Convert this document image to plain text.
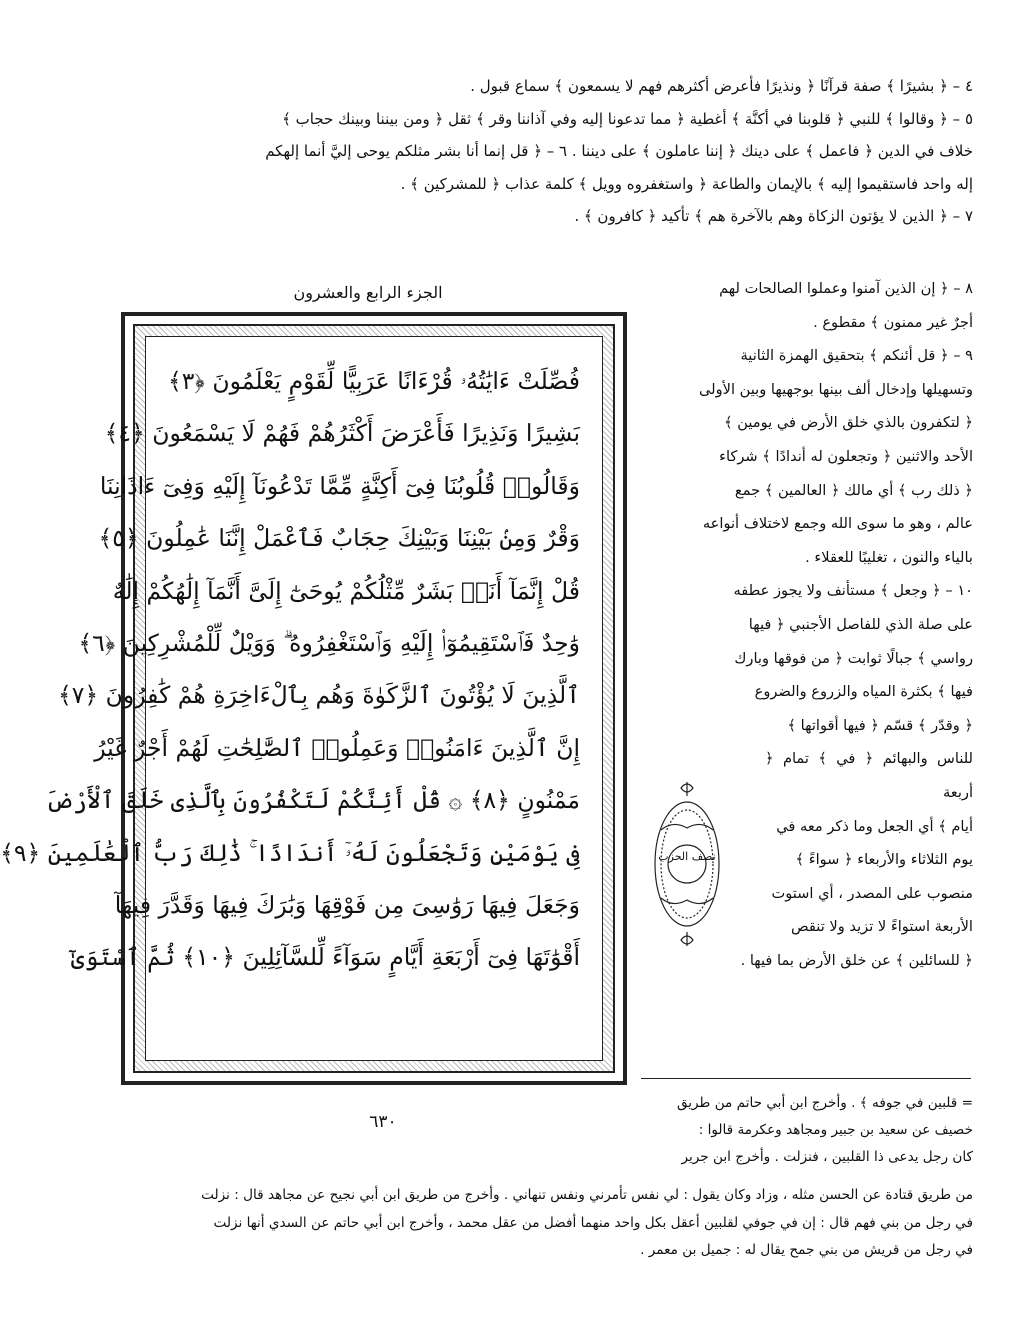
٤ – ﴿ بشيرًا ﴾ صفة قرآنًا ﴿ ونذيرًا فأعرض أكثرهم فهم لا يسمعون ﴾ سماع قبول .

٥ – ﴿ وقالوا ﴾ للنبي ﴿ قلوبنا في أكنَّة ﴾ أغطية ﴿ مما تدعونا إليه وفي آذاننا وقر ﴾ ثقل ﴿ ومن بيننا وبينك حجاب ﴾

خلاف في الدين ﴿ فاعمل ﴾ على دينك ﴿ إننا عاملون ﴾ على ديننا . ٦ – ﴿ قل إنما أنا بشر مثلكم يوحى إليَّ أنما إلهكم

إله واحد فاستقيموا إليه ﴾ بالإيمان والطاعة ﴿ واستغفروه وويل ﴾ كلمة عذاب ﴿ للمشركين ﴾ .

٧ – ﴿ الذين لا يؤتون الزكاة وهم بالآخرة هم ﴾ تأكيد ﴿ كافرون ﴾ .

الجزء الرابع والعشرون
فُصِّلَتْ ءَايَٰتُهُۥ قُرْءَانًا عَرَبِيًّا لِّقَوْمٍ يَعْلَمُونَ ﴿٣﴾
بَشِيرًا وَنَذِيرًا فَأَعْرَضَ أَكْثَرُهُمْ فَهُمْ لَا يَسْمَعُونَ ﴿٤﴾
وَقَالُوا۟ قُلُوبُنَا فِىٓ أَكِنَّةٍ مِّمَّا تَدْعُونَآ إِلَيْهِ وَفِىٓ ءَاذَانِنَا
وَقْرٌ وَمِنۢ بَيْنِنَا وَبَيْنِكَ حِجَابٌ فَٱعْمَلْ إِنَّنَا عَٰمِلُونَ ﴿٥﴾
قُلْ إِنَّمَآ أَنَا۠ بَشَرٌ مِّثْلُكُمْ يُوحَىٰٓ إِلَىَّ أَنَّمَآ إِلَٰهُكُمْ إِلَٰهٌ
وَٰحِدٌ فَٱسْتَقِيمُوٓا۟ إِلَيْهِ وَٱسْتَغْفِرُوهُ ۗ وَوَيْلٌ لِّلْمُشْرِكِينَ ﴿٦﴾
ٱلَّذِينَ لَا يُؤْتُونَ ٱلزَّكَوٰةَ وَهُم بِٱلْءَاخِرَةِ هُمْ كَٰفِرُونَ ﴿٧﴾
إِنَّ ٱلَّذِينَ ءَامَنُوا۟ وَعَمِلُوا۟ ٱلصَّٰلِحَٰتِ لَهُمْ أَجْرٌ غَيْرُ
مَمْنُونٍ ﴿٨﴾ ۞ قُلْ أَئِنَّكُمْ لَتَكْفُرُونَ بِٱلَّذِى خَلَقَ ٱلْأَرْضَ
فِى يَوْمَيْنِ وَتَجْعَلُونَ لَهُۥٓ أَندَادًا ۚ ذَٰلِكَ رَبُّ ٱلْعَٰلَمِينَ ﴿٩﴾
وَجَعَلَ فِيهَا رَوَٰسِىَ مِن فَوْقِهَا وَبَٰرَكَ فِيهَا وَقَدَّرَ فِيهَآ
أَقْوَٰتَهَا فِىٓ أَرْبَعَةِ أَيَّامٍ سَوَآءً لِّلسَّآئِلِينَ ﴿١٠﴾ ثُمَّ ٱسْتَوَىٰٓ
٦٣٠

٨ – ﴿ إن الذين آمنوا وعملوا الصالحات لهم

أجرٌ غير ممنون ﴾ مقطوع .

٩ – ﴿ قل أئنكم ﴾ بتحقيق الهمزة الثانية

وتسهيلها وإدخال ألف بينها بوجهيها وبين الأولى

﴿ لتكفرون بالذي خلق الأرض في يومين ﴾

الأحد والاثنين ﴿ وتجعلون له أندادًا ﴾ شركاء

﴿ ذلك رب ﴾ أي مالك ﴿ العالمين ﴾ جمع

عالم ، وهو ما سوى الله وجمع لاختلاف أنواعه

بالياء والنون ، تغليبًا للعقلاء .

١٠ – ﴿ وجعل ﴾ مستأنف ولا يجوز عطفه

على صلة الذي للفاصل الأجنبي ﴿ فيها

رواسي ﴾ جبالًا ثوابت ﴿ من فوقها وبارك

فيها ﴾ بكثرة المياه والزروع والضروع

﴿ وقدّر ﴾ قسّم ﴿ فيها أقواتها ﴾

للناس والبهائم ﴿ في ﴾ تمام ﴿ أربعة

أيام ﴾ أي الجعل وما ذكر معه في

يوم الثلاثاء والأربعاء ﴿ سواءً ﴾

منصوب على المصدر ، أي استوت

الأربعة استواءً لا تزيد ولا تنقص

﴿ للسائلين ﴾ عن خلق الأرض بما فيها .

نصف الحزب

= قلبين في جوفه ﴾ . وأخرج ابن أبي حاتم من طريق

خصيف عن سعيد بن جبير ومجاهد وعكرمة قالوا :

كان رجل يدعى ذا القلبين ، فنزلت . وأخرج ابن جرير

من طريق قتادة عن الحسن مثله ، وزاد وكان يقول : لي نفس تأمرني ونفس تنهاني . وأخرج من طريق ابن أبي نجيح عن مجاهد قال : نزلت

في رجل من بني فهم قال : إن في جوفي لقلبين أعقل بكل واحد منهما أفضل من عقل محمد ، وأخرج ابن أبي حاتم عن السدي أنها نزلت

في رجل من قريش من بني جمح يقال له : جميل بن معمر .
